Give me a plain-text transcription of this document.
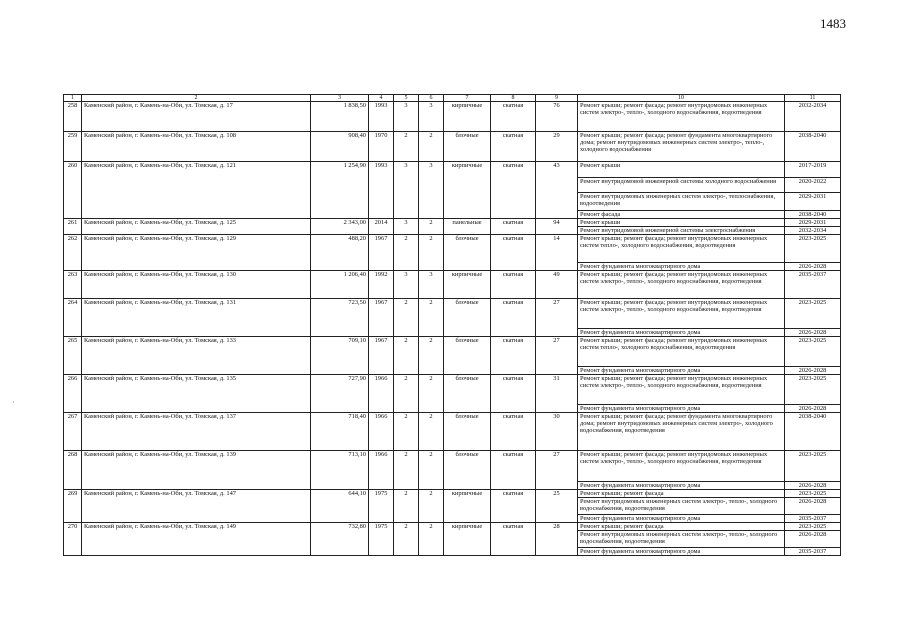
1483
1	2	3	4	5	6	7	8	9	10	11
258	Каменский район, г. Камень-на-Оби, ул. Томская, д. 17	1 838,50	1993	3	3	кирпичные	скатная	76	Ремонт крыши; ремонт фасада; ремонт внутридомовых инженерных систем электро-, тепло-, холодного водоснабжения, водоотведения	2032-2034
259	Каменский район, г. Камень-на-Оби, ул. Томская, д. 108	908,40	1970	2	2	блочные	скатная	29	Ремонт крыши; ремонт фасада; ремонт фундамента многоквартирного дома; ремонт внутридомовых инженерных систем электро-, тепло-, холодного водоснабжения	2038-2040
260	Каменский район, г. Камень-на-Оби, ул. Томская, д. 121	1 254,90	1993	3	3	кирпичные	скатная	43	Ремонт крыши	2017-2019
									Ремонт внутридомовой инженерной системы холодного водоснабжения	2020-2022
									Ремонт внутридомовых инженерных систем электро-, теплоснабжения, водоотведения	2029-2031
									Ремонт фасада	2038-2040
261	Каменский район, г. Камень-на-Оби, ул. Томская, д. 125	2 343,00	2014	3	2	панельные	скатная	94	Ремонт крыши	2029-2031
									Ремонт внутридомовой инженерной системы электроснабжения	2032-2034
262	Каменский район, г. Камень-на-Оби, ул. Томская, д. 129	488,20	1967	2	2	блочные	скатная	14	Ремонт крыши; ремонт фасада; ремонт внутридомовых инженерных систем тепло-, холодного водоснабжения, водоотведения	2023-2025
									Ремонт фундамента многоквартирного дома	2026-2028
263	Каменский район, г. Камень-на-Оби, ул. Томская, д. 130	1 206,40	1992	3	3	кирпичные	скатная	49	Ремонт крыши; ремонт фасада; ремонт внутридомовых инженерных систем электро-, тепло-, холодного водоснабжения, водоотведения	2035-2037
264	Каменский район, г. Камень-на-Оби, ул. Томская, д. 131	723,50	1967	2	2	блочные	скатная	27	Ремонт крыши; ремонт фасада; ремонт внутридомовых инженерных систем электро-, тепло-, холодного водоснабжения, водоотведения	2023-2025
									Ремонт фундамента многоквартирного дома	2026-2028
265	Каменский район, г. Камень-на-Оби, ул. Томская, д. 133	709,10	1967	2	2	блочные	скатная	27	Ремонт крыши; ремонт фасада; ремонт внутридомовых инженерных систем тепло-, холодного водоснабжения, водоотведения	2023-2025
									Ремонт фундамента многоквартирного дома	2026-2028
266	Каменский район, г. Камень-на-Оби, ул. Томская, д. 135	727,90	1966	2	2	блочные	скатная	31	Ремонт крыши; ремонт фасада; ремонт внутридомовых инженерных систем электро-, тепло-, холодного водоснабжения, водоотведения	2023-2025
									Ремонт фундамента многоквартирного дома	2026-2028
267	Каменский район, г. Камень-на-Оби, ул. Томская, д. 137	718,40	1966	2	2	блочные	скатная	30	Ремонт крыши; ремонт фасада; ремонт фундамента многоквартирного дома; ремонт внутридомовых инженерных систем электро-, холодного водоснабжения, водоотведения	2038-2040
268	Каменский район, г. Камень-на-Оби, ул. Томская, д. 139	713,10	1966	2	2	блочные	скатная	27	Ремонт крыши; ремонт фасада; ремонт внутридомовых инженерных систем электро-, тепло-, холодного водоснабжения, водоотведения	2023-2025
									Ремонт фундамента многоквартирного дома	2026-2028
269	Каменский район, г. Камень-на-Оби, ул. Томская, д. 147	644,10	1975	2	2	кирпичные	скатная	25	Ремонт крыши; ремонт фасада	2023-2025
									Ремонт внутридомовых инженерных систем электро-, тепло-, холодного водоснабжения, водоотведения	2026-2028
									Ремонт фундамента многоквартирного дома	2035-2037
270	Каменский район, г. Камень-на-Оби, ул. Томская, д. 149	732,80	1975	2	2	кирпичные	скатная	28	Ремонт крыши; ремонт фасада	2023-2025
									Ремонт внутридомовых инженерных систем электро-, тепло-, холодного водоснабжения, водоотведения	2026-2028
									Ремонт фундамента многоквартирного дома	2035-2037
·
